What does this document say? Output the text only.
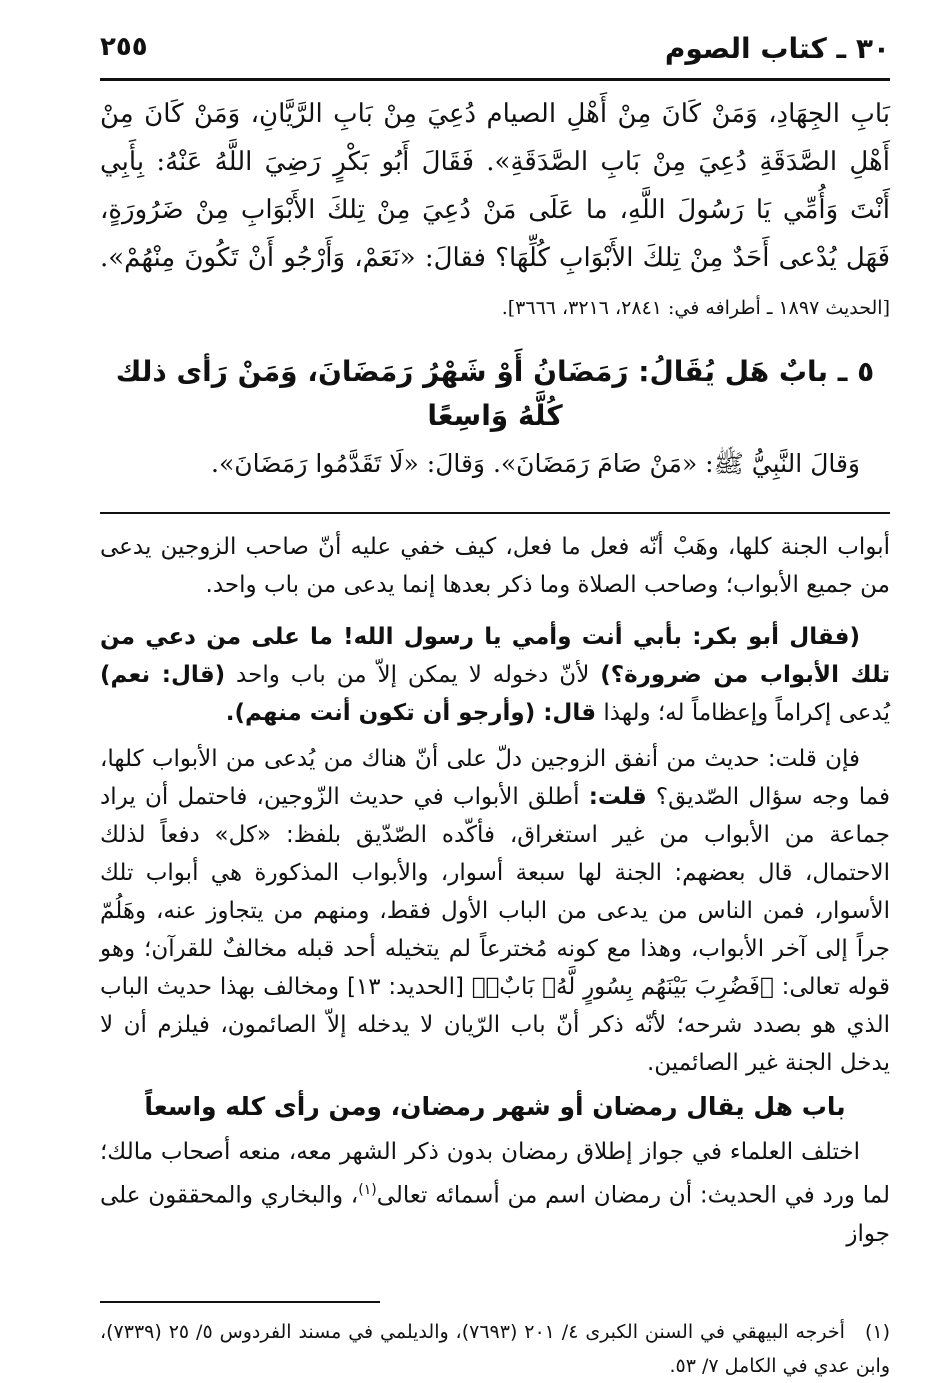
٣٠ ـ كتاب الصوم
٢٥٥

بَابِ الجِهَادِ، وَمَنْ كَانَ مِنْ أَهْلِ الصيام دُعِيَ مِنْ بَابِ الرَّيَّانِ، وَمَنْ كَانَ مِنْ أَهْلِ الصَّدَقَةِ دُعِيَ مِنْ بَابِ الصَّدَقَةِ». فَقَالَ أَبُو بَكْرٍ رَضِيَ اللَّهُ عَنْهُ: بِأَبِي أَنْتَ وَأُمِّي يَا رَسُولَ اللَّهِ، ما عَلَى مَنْ دُعِيَ مِنْ تِلكَ الأَبْوَابِ مِنْ ضَرُورَةٍ، فَهَل يُدْعى أَحَدٌ مِنْ تِلكَ الأَبْوَابِ كُلِّهَا؟ فقالَ: «نَعَمْ، وَأَرْجُو أَنْ تَكُونَ مِنْهُمْ». [الحديث ١٨٩٧ ـ أطرافه في: ٢٨٤١، ٣٢١٦، ٣٦٦٦].

٥ ـ بابٌ هَل يُقَالُ: رَمَضَانُ أَوْ شَهْرُ رَمَضَانَ، وَمَنْ رَأى ذلك كُلَّهُ وَاسِعًا

وَقالَ النَّبِيُّ ﷺ: «مَنْ صَامَ رَمَضَانَ». وَقالَ: «لَا تَقَدَّمُوا رَمَضَانَ».

أبواب الجنة كلها، وهَبْ أنّه فعل ما فعل، كيف خفي عليه أنّ صاحب الزوجين يدعى من جميع الأبواب؛ وصاحب الصلاة وما ذكر بعدها إنما يدعى من باب واحد.

(فقال أبو بكر: بأبي أنت وأمي يا رسول الله! ما على من دعي من تلك الأبواب من ضرورة؟) لأنّ دخوله لا يمكن إلاّ من باب واحد (قال: نعم) يُدعى إكراماً وإعظاماً له؛ ولهذا قال: (وأرجو أن تكون أنت منهم).

فإن قلت: حديث من أنفق الزوجين دلّ على أنّ هناك من يُدعى من الأبواب كلها، فما وجه سؤال الصّديق؟ قلت: أطلق الأبواب في حديث الزّوجين، فاحتمل أن يراد جماعة من الأبواب من غير استغراق، فأكّده الصّدّيق بلفظ: «كل» دفعاً لذلك الاحتمال، قال بعضهم: الجنة لها سبعة أسوار، والأبواب المذكورة هي أبواب تلك الأسوار، فمن الناس من يدعى من الباب الأول فقط، ومنهم من يتجاوز عنه، وهَلُمّ جراً إلى آخر الأبواب، وهذا مع كونه مُخترعاً لم يتخيله أحد قبله مخالفٌ للقرآن؛ وهو قوله تعالى: ﴿فَضُرِبَ بَيْنَهُم بِسُورٍ لَّهُۥ بَابٌۢ﴾ [الحديد: ١٣] ومخالف بهذا حديث الباب الذي هو بصدد شرحه؛ لأنّه ذكر أنّ باب الرّيان لا يدخله إلاّ الصائمون، فيلزم أن لا يدخل الجنة غير الصائمين.

باب هل يقال رمضان أو شهر رمضان، ومن رأى كله واسعاً

اختلف العلماء في جواز إطلاق رمضان بدون ذكر الشهر معه، منعه أصحاب مالك؛ لما ورد في الحديث: أن رمضان اسم من أسمائه تعالى$^{(١)}$، والبخاري والمحققون على جواز

(١)أخرجه البيهقي في السنن الكبرى ٤/ ٢٠١ (٧٦٩٣)، والديلمي في مسند الفردوس ٥/ ٢٥ (٧٣٣٩)، وابن عدي في الكامل ٧/ ٥٣.
